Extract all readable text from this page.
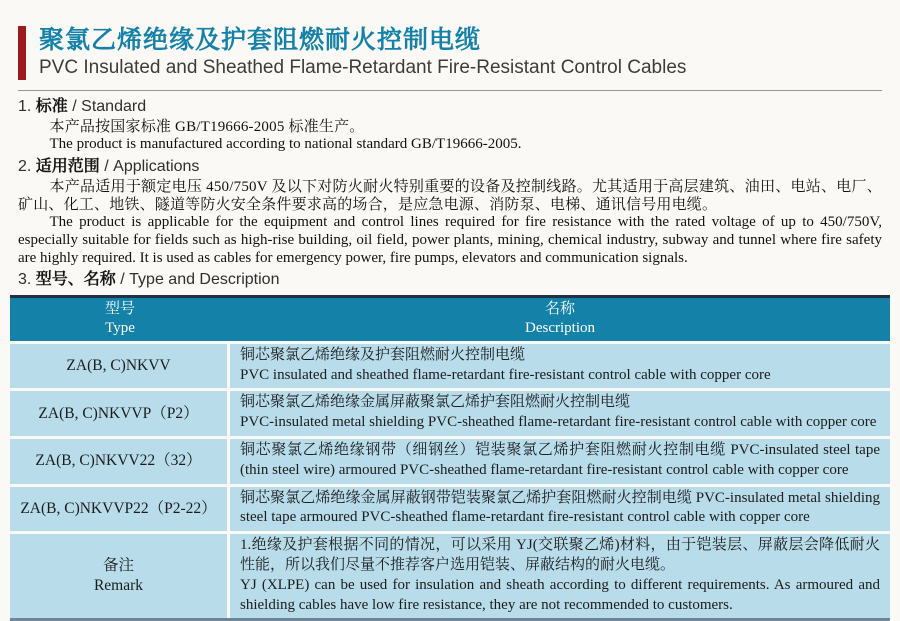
聚氯乙烯绝缘及护套阻燃耐火控制电缆
PVC Insulated and Sheathed Flame-Retardant Fire-Resistant Control Cables
1. 标准 / Standard

本产品按国家标准 GB/T19666-2005 标准生产。

The product is manufactured according to national standard GB/T19666-2005.

2. 适用范围 / Applications

本产品适用于额定电压 450/750V 及以下对防火耐火特别重要的设备及控制线路。尤其适用于高层建筑、油田、电站、电厂、矿山、化工、地铁、隧道等防火安全条件要求高的场合，是应急电源、消防泵、电梯、通讯信号用电缆。

The product is applicable for the equipment and control lines required for fire resistance with the rated voltage of up to 450/750V, especially suitable for fields such as high-rise building, oil field, power plants, mining, chemical industry, subway and tunnel where fire safety are highly required. It is used as cables for emergency power, fire pumps, elevators and communication signals.

3. 型号、名称 / Type and Description
型号
Type
名称
Description
ZA(B, C)NKVV
铜芯聚氯乙烯绝缘及护套阻燃耐火控制电缆
PVC insulated and sheathed flame-retardant fire-resistant control cable with copper core
ZA(B, C)NKVVP（P2）
铜芯聚氯乙烯绝缘金属屏蔽聚氯乙烯护套阻燃耐火控制电缆
PVC-insulated metal shielding PVC-sheathed flame-retardant fire-resistant control cable with copper core
ZA(B, C)NKVV22（32）
铜芯聚氯乙烯绝缘钢带（细钢丝）铠装聚氯乙烯护套阻燃耐火控制电缆 PVC-insulated steel tape (thin steel wire) armoured PVC-sheathed flame-retardant fire-resistant control cable with copper core
ZA(B, C)NKVVP22（P2-22）
铜芯聚氯乙烯绝缘金属屏蔽钢带铠装聚氯乙烯护套阻燃耐火控制电缆 PVC-insulated metal shielding steel tape armoured PVC-sheathed flame-retardant fire-resistant control cable with copper core
备注
Remark
1.绝缘及护套根据不同的情况，可以采用 YJ(交联聚乙烯)材料，由于铠装层、屏蔽层会降低耐火性能，所以我们尽量不推荐客户选用铠装、屏蔽结构的耐火电缆。
YJ (XLPE) can be used for insulation and sheath according to different requirements. As armoured and shielding cables have low fire resistance, they are not recommended to customers.
